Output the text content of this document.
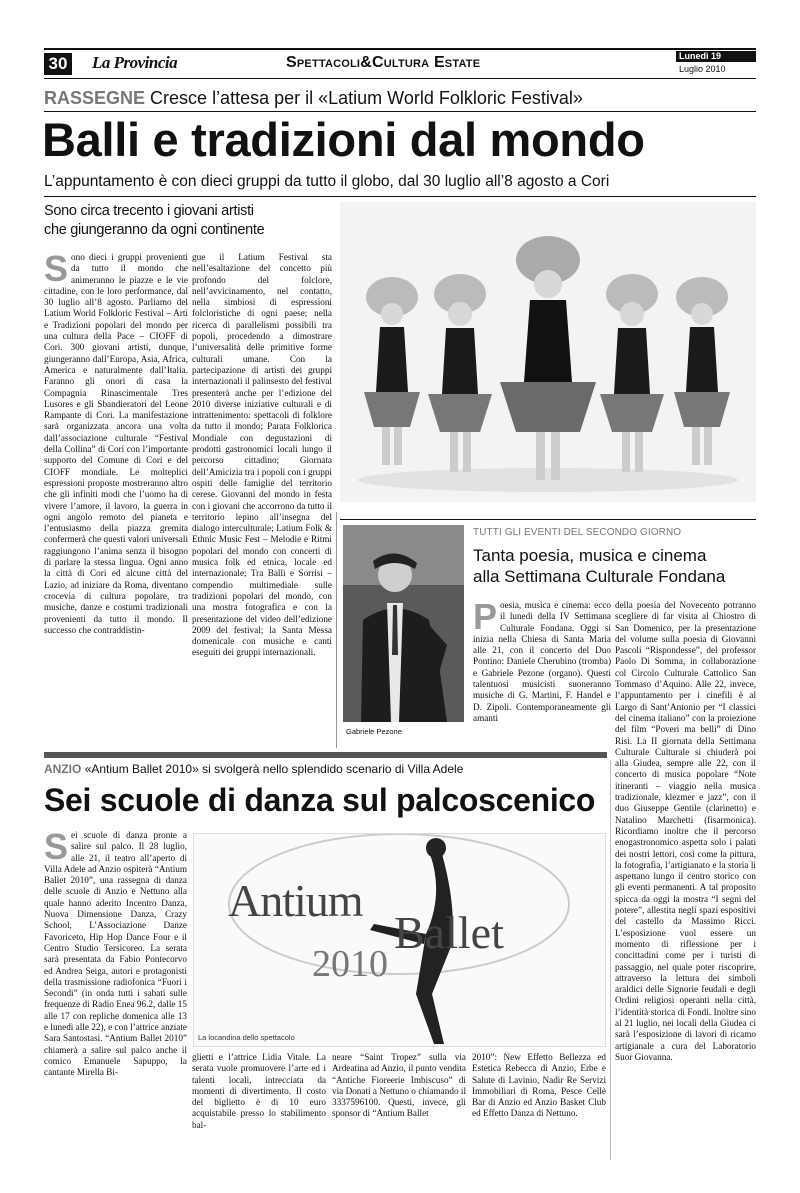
30 La Provincia	Spettacoli&Cultura Estate	Lunedì 19
Luglio 2010
RASSEGNE Cresce l’attesa per il «Latium World Folkloric Festival»
Balli e tradizioni dal mondo
L’appuntamento è con dieci gruppi da tutto il globo, dal 30 luglio all’8 agosto a Cori
Sono circa trecento i giovani artisti
che giungeranno da ogni continente
S ono dieci i gruppi provenienti da tutto il mondo che animeranno le piazze e le vie cittadine, con le loro performance, dal 30 luglio all’8 agosto. Parliamo del Latium World Folkloric Festival – Arti e Tradizioni popolari del mondo per una cultura della Pace – CIOFF di Cori. 300 giovani artisti, dunque, giungeranno dall’Europa, Asia, Africa, America e naturalmente dall’Italia. Faranno gli onori di casa la Compagnia Rinascimentale Tres Lusores e gli Sbandieratori del Leone Rampante di Cori. La manifestazione sarà organizzata ancora una volta dall’associazione culturale “Festival della Collina” di Cori con l’importante supporto del Comune di Cori e del CIOFF mondiale. Le molteplici espressioni proposte mostreranno altro che gli infiniti modi che l’uomo ha di vivere l’amore, il lavoro, la guerra in ogni angolo remoto del pianeta e l’entusiasmo della piazza gremita confermerà che questi valori universali raggiungono l’anima senza il bisogno di parlare la stessa lingua. Ogni anno la città di Cori ed alcune città del Lazio, ad iniziare da Roma, diventano crocevia di cultura popolare, tra musiche, danze e costumi tradizionali provenienti da tutto il mondo. Il successo che contraddistin-
gue il Latium Festival sta nell’esaltazione del concetto più profondo del folclore, nell’avvicinamento, nel contatto, nella simbiosi di espressioni folcloristiche di ogni paese; nella ricerca di parallelismi possibili tra popoli, procedendo a dimostrare l’universalità delle primitive forme culturali umane. Con la partecipazione di artisti dei gruppi internazionali il palinsesto del festival presenterà anche per l’edizione del 2010 diverse iniziative culturali e di intrattenimento: spettacoli di folklore da tutto il mondo; Parata Folklorica Mondiale con degustazioni di prodotti gastronomici locali lungo il percorso cittadino; Giornata dell’Amicizia tra i popoli con i gruppi ospiti delle famiglie del territorio cerese. Giovanni del mondo in festa con i giovani che accorrono da tutto il territorio lepino all’insegna del dialogo interculturale; Latium Folk & Ethnic Music Fest – Melodie e Ritmi popolari del mondo con concerti di musica folk ed etnica, locale ed internazionale; Tra Balli e Sorrisi – compendio multimediale sulle tradizioni popolari del mondo, con una mostra fotografica e con la presentazione del video dell’edizione 2009 del festival; la Santa Messa domenicale con musiche e canti eseguiti dei gruppi internazionali.
Gabriele Pezone
TUTTI GLI EVENTI DEL SECONDO GIORNO
Tanta poesia, musica e cinema
alla Settimana Culturale Fondana
P oesia, musica e cinema: ecco il lunedì della IV Settimana Culturale Fondana. Oggi si inizia nella Chiesa di Santa Maria alle 21, con il concerto del Duo Pontino: Daniele Cherubino (tromba) e Gabriele Pezone (organo). Questi talentuosi musicisti suoneranno musiche di G. Martini, F. Handel e D. Zipoli. Contemporaneamente gli amanti
della poesia del Novecento potranno scegliere di far visita al Chiostro di San Domenico, per la presentazione del volume sulla poesia di Giovanni Pascoli “Rispondesse”, del professor Paolo Di Somma, in collaborazione col Circolo Culturale Cattolico San Tommaso d’Aquino. Alle 22, invece, l’appuntamento per i cinefili è al Largo di Sant’Antonio per “I classici del cinema italiano” con la proiezione del film “Poveri ma belli” di Dino Risi. La II giornata della Settimana Culturale Culturale si chiuderà poi alla Giudea, sempre alle 22, con il concerto di musica popolare “Note itineranti – viaggio nella musica tradizionale, klezmer e jazz”, con il duo Giuseppe Gentile (clarinetto) e Natalino Marchetti (fisarmonica). Ricordiamo inoltre che il percorso enogastronomico aspetta solo i palati dei nostri lettori, così come la pittura, la fotografia, l’artigianato e la storia li aspettano lungo il centro storico con gli eventi permanenti. A tal proposito spicca da oggi la mostra “I segni del potere”, allestita negli spazi espositivi del castello da Massimo Ricci. L’esposizione vuol essere un momento di riflessione per i concittadini come per i turisti di passaggio, nel quale poter riscoprire, attraverso la lettura dei simboli araldici delle Signorie feudali e degli Ordini religiosi operanti nella città, l’identità storica di Fondi. Inoltre sino al 21 luglio, nei locali della Giudea ci sarà l’esposizione di lavori di ricamo artigianale a cura del Laboratorio Suor Giovanna.
ANZIO «Antium Ballet 2010» si svolgerà nello splendido scenario di Villa Adele
Sei scuole di danza sul palcoscenico
S ei scuole di danza pronte a salire sul palco. Il 28 luglio, alle 21, il teatro all’aperto di Villa Adele ad Anzio ospiterà “Antium Ballet 2010”, una rassegna di danza delle scuole di Anzio e Nettuno alla quale hanno aderito Incentro Danza, Nuova Dimensione Danza, Crazy School, L’Associazione Danze Favoriceto, Hip Hop Dance Four e il Centro Studio Tersicoreo. La serata sarà presentata da Fabio Pontecorvo ed Andrea Seiga, autori e protagonisti della trasmissione radiofonica “Fuori i Secondi” (in onda tutti i sabati sulle frequenze di Radio Enea 96.2, dalle 15 alle 17 con repliche domenica alle 13 e lunedì alle 22), e con l’attrice anziate Sara Santostasi. “Antium Ballet 2010” chiamerà a salire sul palco anche il comico Emanuele Sapuppo, la cantante Mirella Bi-
Antium
Ballet
2010
La locandina dello spettacolo
glietti e l’attrice Lidia Vitale. La serata vuole promuovere l’arte ed i talenti locali, intrecciata da momenti di divertimento. Il costo del biglietto è di 10 euro acquistabile presso lo stabilimento bal-
neare “Saint Tropez” sulla via Ardeatina ad Anzio, il punto vendita “Antiche Fioreerie Imbiscuso” di via Donati a Nettuno o chiamando il 3337596100. Questi, invece, gli sponsor di “Antium Ballet
2010”: New Effetto Bellezza ed Estetica Rebecca di Anzio, Erbe e Salute di Lavinio, Nadir Re Servizi Immobiliari di Roma, Pesce Cellè Bar di Anzio ed Anzio Basket Club ed Effetto Danza di Nettuno.
